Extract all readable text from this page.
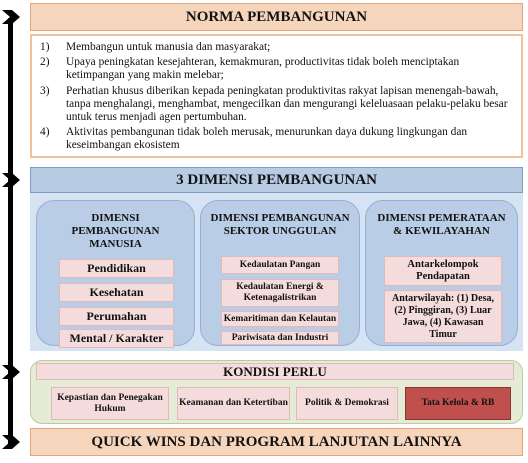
NORMA PEMBANGUNAN
1)	Membangun untuk manusia dan masyarakat;
2)	Upaya peningkatan kesejahteran, kemakmuran, productivitas tidak boleh menciptakan ketimpangan yang makin melebar;
3)	Perhatian khusus diberikan kepada peningkatan produktivitas rakyat lapisan menengah-bawah, tanpa menghalangi, menghambat, mengecilkan dan mengurangi keleluasaan pelaku-pelaku besar untuk terus menjadi agen pertumbuhan.
4)	Aktivitas pembangunan tidak boleh merusak, menurunkan daya dukung lingkungan dan keseimbangan ekosistem
3 DIMENSI PEMBANGUNAN
DIMENSI PEMBANGUNAN MANUSIA
Pendidikan
Kesehatan
Perumahan
Mental / Karakter
DIMENSI PEMBANGUNAN SEKTOR UNGGULAN
Kedaulatan Pangan
Kedaulatan Energi & Ketenagalistrikan
Kemaritiman dan Kelautan
Pariwisata dan Industri
DIMENSI PEMERATAAN & KEWILAYAHAN
Antarkelompok Pendapatan
Antarwilayah: (1) Desa, (2) Pinggiran, (3) Luar Jawa, (4) Kawasan Timur
KONDISI PERLU
Kepastian dan Penegakan Hukum
Keamanan dan Ketertiban	Politik & Demokrasi	Tata Kelola & RB
QUICK WINS DAN PROGRAM LANJUTAN LAINNYA
